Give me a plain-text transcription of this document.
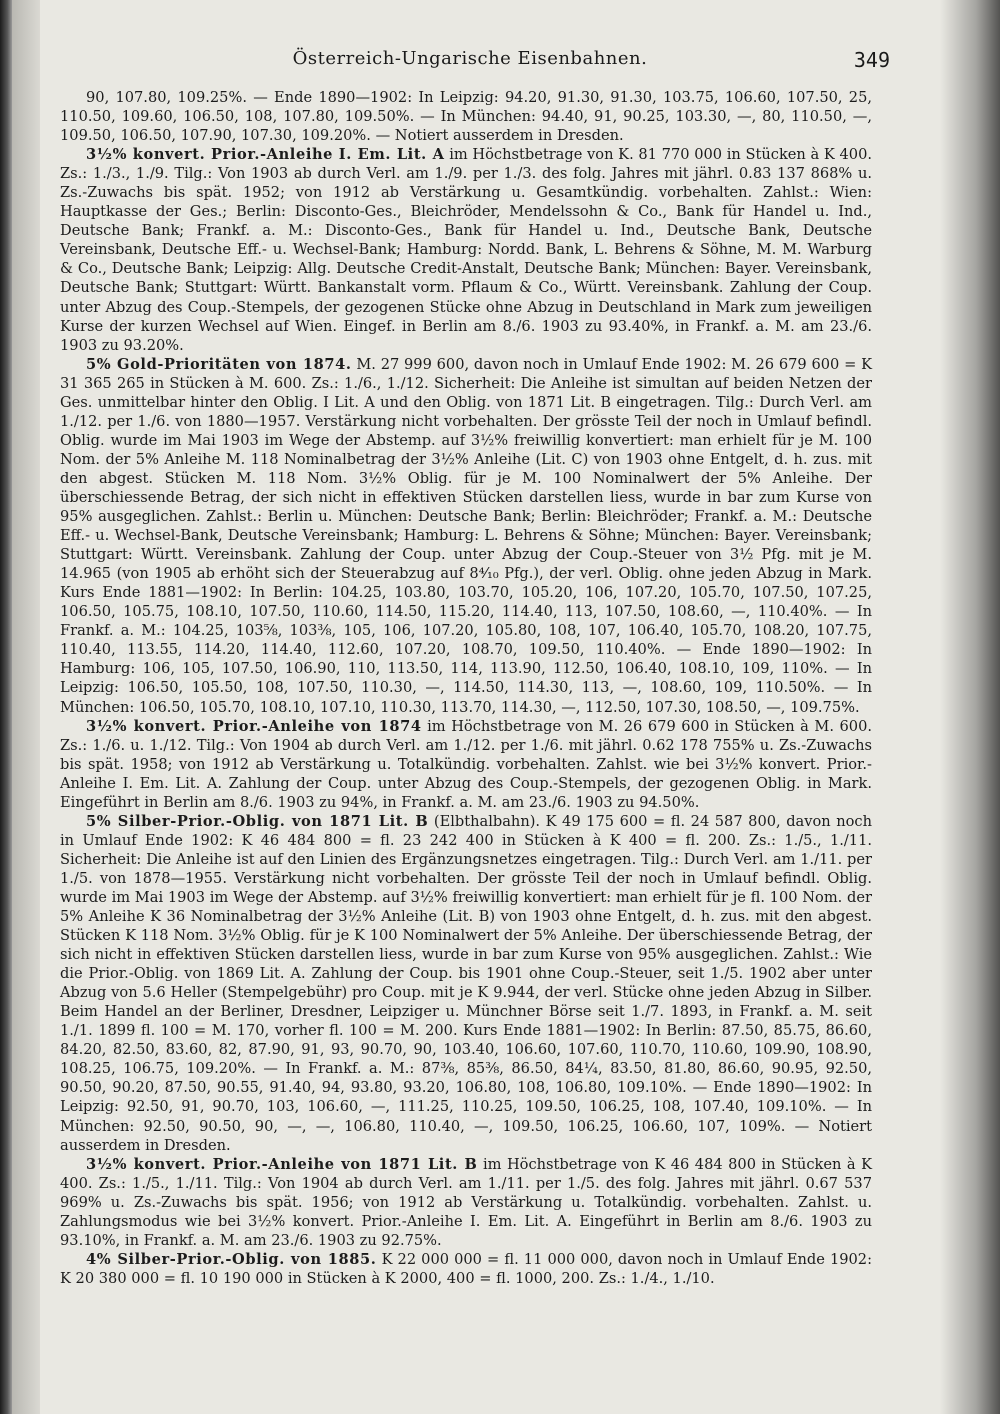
Österreich-Ungarische Eisenbahnen.	349

90, 107.80, 109.25%. — Ende 1890—1902: In Leipzig: 94.20, 91.30, 91.30, 103.75, 106.60, 107.50, 25, 110.50, 109.60, 106.50, 108, 107.80, 109.50%. — In München: 94.40, 91, 90.25, 103.30, —, 80, 110.50, —, 109.50, 106.50, 107.90, 107.30, 109.20%. — Notiert ausserdem in Dresden.

3½% konvert. Prior.-Anleihe I. Em. Lit. A im Höchstbetrage von K. 81 770 000 in Stücken à K 400. Zs.: 1./3., 1./9. Tilg.: Von 1903 ab durch Verl. am 1./9. per 1./3. des folg. Jahres mit jährl. 0.83 137 868% u. Zs.-Zuwachs bis spät. 1952; von 1912 ab Verstärkung u. Gesamtkündig. vorbehalten. Zahlst.: Wien: Hauptkasse der Ges.; Berlin: Disconto-Ges., Bleichröder, Mendelssohn & Co., Bank für Handel u. Ind., Deutsche Bank; Frankf. a. M.: Disconto-Ges., Bank für Handel u. Ind., Deutsche Bank, Deutsche Vereinsbank, Deutsche Eff.- u. Wechsel-Bank; Hamburg: Nordd. Bank, L. Behrens & Söhne, M. M. Warburg & Co., Deutsche Bank; Leipzig: Allg. Deutsche Credit-Anstalt, Deutsche Bank; München: Bayer. Vereinsbank, Deutsche Bank; Stuttgart: Württ. Bankanstalt vorm. Pflaum & Co., Württ. Vereinsbank. Zahlung der Coup. unter Abzug des Coup.-Stempels, der gezogenen Stücke ohne Abzug in Deutschland in Mark zum jeweiligen Kurse der kurzen Wechsel auf Wien. Eingef. in Berlin am 8./6. 1903 zu 93.40%, in Frankf. a. M. am 23./6. 1903 zu 93.20%.

5% Gold-Prioritäten von 1874. M. 27 999 600, davon noch in Umlauf Ende 1902: M. 26 679 600 = K 31 365 265 in Stücken à M. 600. Zs.: 1./6., 1./12. Sicherheit: Die Anleihe ist simultan auf beiden Netzen der Ges. unmittelbar hinter den Oblig. I Lit. A und den Oblig. von 1871 Lit. B eingetragen. Tilg.: Durch Verl. am 1./12. per 1./6. von 1880—1957. Verstärkung nicht vorbehalten. Der grösste Teil der noch in Umlauf befindl. Oblig. wurde im Mai 1903 im Wege der Abstemp. auf 3½% freiwillig konvertiert: man erhielt für je M. 100 Nom. der 5% Anleihe M. 118 Nominalbetrag der 3½% Anleihe (Lit. C) von 1903 ohne Entgelt, d. h. zus. mit den abgest. Stücken M. 118 Nom. 3½% Oblig. für je M. 100 Nominalwert der 5% Anleihe. Der überschiessende Betrag, der sich nicht in effektiven Stücken darstellen liess, wurde in bar zum Kurse von 95% ausgeglichen. Zahlst.: Berlin u. München: Deutsche Bank; Berlin: Bleichröder; Frankf. a. M.: Deutsche Eff.- u. Wechsel-Bank, Deutsche Vereinsbank; Hamburg: L. Behrens & Söhne; München: Bayer. Vereinsbank; Stuttgart: Württ. Vereinsbank. Zahlung der Coup. unter Abzug der Coup.-Steuer von 3½ Pfg. mit je M. 14.965 (von 1905 ab erhöht sich der Steuerabzug auf 8⁴⁄₁₀ Pfg.), der verl. Oblig. ohne jeden Abzug in Mark. Kurs Ende 1881—1902: In Berlin: 104.25, 103.80, 103.70, 105.20, 106, 107.20, 105.70, 107.50, 107.25, 106.50, 105.75, 108.10, 107.50, 110.60, 114.50, 115.20, 114.40, 113, 107.50, 108.60, —, 110.40%. — In Frankf. a. M.: 104.25, 103⅝, 103⅜, 105, 106, 107.20, 105.80, 108, 107, 106.40, 105.70, 108.20, 107.75, 110.40, 113.55, 114.20, 114.40, 112.60, 107.20, 108.70, 109.50, 110.40%. — Ende 1890—1902: In Hamburg: 106, 105, 107.50, 106.90, 110, 113.50, 114, 113.90, 112.50, 106.40, 108.10, 109, 110%. — In Leipzig: 106.50, 105.50, 108, 107.50, 110.30, —, 114.50, 114.30, 113, —, 108.60, 109, 110.50%. — In München: 106.50, 105.70, 108.10, 107.10, 110.30, 113.70, 114.30, —, 112.50, 107.30, 108.50, —, 109.75%.

3½% konvert. Prior.-Anleihe von 1874 im Höchstbetrage von M. 26 679 600 in Stücken à M. 600. Zs.: 1./6. u. 1./12. Tilg.: Von 1904 ab durch Verl. am 1./12. per 1./6. mit jährl. 0.62 178 755% u. Zs.-Zuwachs bis spät. 1958; von 1912 ab Verstärkung u. Totalkündig. vorbehalten. Zahlst. wie bei 3½% konvert. Prior.-Anleihe I. Em. Lit. A. Zahlung der Coup. unter Abzug des Coup.-Stempels, der gezogenen Oblig. in Mark. Eingeführt in Berlin am 8./6. 1903 zu 94%, in Frankf. a. M. am 23./6. 1903 zu 94.50%.

5% Silber-Prior.-Oblig. von 1871 Lit. B (Elbthalbahn). K 49 175 600 = fl. 24 587 800, davon noch in Umlauf Ende 1902: K 46 484 800 = fl. 23 242 400 in Stücken à K 400 = fl. 200. Zs.: 1./5., 1./11. Sicherheit: Die Anleihe ist auf den Linien des Ergänzungsnetzes eingetragen. Tilg.: Durch Verl. am 1./11. per 1./5. von 1878—1955. Verstärkung nicht vorbehalten. Der grösste Teil der noch in Umlauf befindl. Oblig. wurde im Mai 1903 im Wege der Abstemp. auf 3½% freiwillig konvertiert: man erhielt für je fl. 100 Nom. der 5% Anleihe K 36 Nominalbetrag der 3½% Anleihe (Lit. B) von 1903 ohne Entgelt, d. h. zus. mit den abgest. Stücken K 118 Nom. 3½% Oblig. für je K 100 Nominalwert der 5% Anleihe. Der überschiessende Betrag, der sich nicht in effektiven Stücken darstellen liess, wurde in bar zum Kurse von 95% ausgeglichen. Zahlst.: Wie die Prior.-Oblig. von 1869 Lit. A. Zahlung der Coup. bis 1901 ohne Coup.-Steuer, seit 1./5. 1902 aber unter Abzug von 5.6 Heller (Stempelgebühr) pro Coup. mit je K 9.944, der verl. Stücke ohne jeden Abzug in Silber. Beim Handel an der Berliner, Dresdner, Leipziger u. Münchner Börse seit 1./7. 1893, in Frankf. a. M. seit 1./1. 1899 fl. 100 = M. 170, vorher fl. 100 = M. 200. Kurs Ende 1881—1902: In Berlin: 87.50, 85.75, 86.60, 84.20, 82.50, 83.60, 82, 87.90, 91, 93, 90.70, 90, 103.40, 106.60, 107.60, 110.70, 110.60, 109.90, 108.90, 108.25, 106.75, 109.20%. — In Frankf. a. M.: 87⅜, 85⅜, 86.50, 84¼, 83.50, 81.80, 86.60, 90.95, 92.50, 90.50, 90.20, 87.50, 90.55, 91.40, 94, 93.80, 93.20, 106.80, 108, 106.80, 109.10%. — Ende 1890—1902: In Leipzig: 92.50, 91, 90.70, 103, 106.60, —, 111.25, 110.25, 109.50, 106.25, 108, 107.40, 109.10%. — In München: 92.50, 90.50, 90, —, —, 106.80, 110.40, —, 109.50, 106.25, 106.60, 107, 109%. — Notiert ausserdem in Dresden.

3½% konvert. Prior.-Anleihe von 1871 Lit. B im Höchstbetrage von K 46 484 800 in Stücken à K 400. Zs.: 1./5., 1./11. Tilg.: Von 1904 ab durch Verl. am 1./11. per 1./5. des folg. Jahres mit jährl. 0.67 537 969% u. Zs.-Zuwachs bis spät. 1956; von 1912 ab Verstärkung u. Totalkündig. vorbehalten. Zahlst. u. Zahlungsmodus wie bei 3½% konvert. Prior.-Anleihe I. Em. Lit. A. Eingeführt in Berlin am 8./6. 1903 zu 93.10%, in Frankf. a. M. am 23./6. 1903 zu 92.75%.

4% Silber-Prior.-Oblig. von 1885. K 22 000 000 = fl. 11 000 000, davon noch in Umlauf Ende 1902: K 20 380 000 = fl. 10 190 000 in Stücken à K 2000, 400 = fl. 1000, 200. Zs.: 1./4., 1./10.
